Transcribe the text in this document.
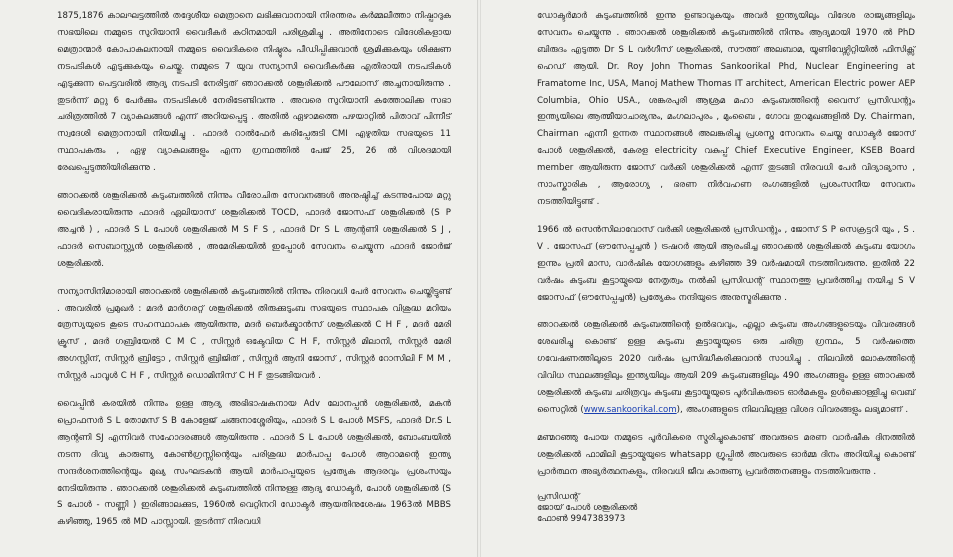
1875,1876 കാലഘട്ടത്തിൽ തദ്ദേശീയ മെത്രാനെ ലഭിക്കുവാനായി നിരന്തരം കർമ്മലീത്താ നിഷ്പാദുക സഭയിലെ നമ്മുടെ സുറിയാനി വൈദീകർ കഠിനമായി പരിശ്രമിച്ചു . അതിനോടെ വിദേശികളായ മെത്രാന്മാർ കോപാകുലനായി നമ്മുടെ വൈദികരെ നിഷ്ഠൂരം പീഡിപ്പിക്കുവാൻ ശ്രമിക്കുകയും ശിക്ഷണ നടപടികൾ എടുക്കുകയും ചെയ്തു. നമ്മുടെ 7 യുവ സന്യാസി വൈദീകർക്കു എതിരായി നടപടികൾ എടുക്കുന്ന പെട്ടവരിൽ ആദ്യ നടപടി നേരിട്ടത് ഞാറക്കൽ ശങ്കൂരിക്കൽ പൗലോസ് അച്ചനായിരുന്നു . തുടർന്ന് മറ്റു 6 പേർക്കും നടപടികൾ നേരിടേണ്ടിവന്നു . അവരെ സുറിയാനി കത്തോലിക്ക സഭാ ചരിത്രത്തിൽ 7 വ്യാകുലങ്ങൾ എന്ന് അറിയപ്പെട്ടു . അതിൽ ഏഴാമത്തെ പഴയാറ്റിൽ പിതാവ് പിന്നീട് സ്വദേശി മെത്രാനായി നിയമിച്ചു . ഫാദർ റാൽഫേർ കരിപ്പേരുടി CMI എഴുതിയ സഭയുടെ 11 സ്ഥാപകരും , ഏഴു വ്യാകുലങ്ങളും എന്ന ഗ്രന്ഥത്തിൽ പേജ് 25, 26 ൽ വിശദമായി രേഖപ്പെടുത്തിയിരിക്കുന്നു .

ഞാറക്കൽ ശങ്കൂരിക്കൽ കുടുംബത്തിൽ നിന്നും വീരോചിത സേവനങ്ങൾ അനുഷ്ഠിച്ച് കടന്നുപോയ മറ്റു വൈദികരായിരുന്നു ഫാദർ ഏലിയാസ് ശങ്കൂരിക്കൽ TOCD, ഫാദർ ജോസഫ് ശങ്കൂരിക്കൽ (S P അച്ചൻ ) , ഫാദർ S L പോൾ ശങ്കൂരിക്കൽ M S F S , ഫാദർ Dr S L ആന്റണി ശങ്കൂരിക്കൽ S J , ഫാദർ സെബാസ്റ്റ്യൻ ശങ്കൂരിക്കൽ , അമേരിക്കയിൽ ഇപ്പോൾ സേവനം ചെയ്യുന്ന ഫാദർ ജോർജ് ശങ്കൂരിക്കൽ.

സന്യാസിനിമാരായി ഞാറക്കൽ ശങ്കൂരിക്കൽ കുടുംബത്തിൽ നിന്നും നിരവധി പേർ സേവനം ചെയ്തിട്ടുണ്ട് . അവരിൽ പ്രമുഖർ : മദർ മാർഗരറ്റ് ശങ്കൂരിക്കൽ തിരുക്കുടുംബ സഭയുടെ സ്ഥാപക വിശുദ്ധ മറിയം ത്രേസ്യയുടെ കൂടെ സഹസ്ഥാപക ആയിരുന്നു, മദർ ബെർക്ക്മാൻസ് ശങ്കൂരിക്കൽ C H F , മദർ മേരി ക്രൂസ് , മദർ ഗബ്രിയേൽ C M C , സിസ്റ്റർ ഒക്ടേവിയ C H F, സിസ്റ്റർ മിലാനി, സിസ്റ്റർ മേരി അഗസ്റ്റിന്, സിസ്റ്റർ ബ്രിട്ടോ , സിസ്റ്റർ ബ്രിജിത് , സിസ്റ്റർ ആനി ജോസ് , സിസ്റ്റർ റോസിലി F M M , സിസ്റ്റർ പാവൂൾ C H F , സിസ്റ്റർ ഡൊമിനിസ് C H F തുടങ്ങിയവർ .

വൈപ്പിൻ കരയിൽ നിന്നും ഉള്ള ആദ്യ അഭിഭാഷകനായ Adv ലോനപ്പൻ ശങ്കൂരിക്കൽ, മകൻ പ്രൊഫസർ S L തോമസ് S B കോളേജ് ചങ്ങനാശ്ശേരിയും, ഫാദർ S L പോൾ MSFS, ഫാദർ Dr.S L ആന്റണി SJ എന്നിവർ സഹോദരങ്ങൾ ആയിരുന്നു . ഫാദർ S L പോൾ ശങ്കൂരിക്കൽ, ബോംബയിൽ നടന്ന ദിവ്യ കാരുണ്യ കോൺഗ്രസ്സിന്റെയും പരിശുദ്ധ മാർപാപ്പ പോൾ ആറാമന്റെ ഇന്ത്യ സന്ദർശനത്തിന്റെയും മുഖ്യ സംഘടകൻ ആയി മാർപാപ്പയുടെ പ്രത്യേക ആദരവും പ്രശംസയും നേടിയിരുന്നു . ഞാറക്കൽ ശങ്കൂരിക്കൽ കുടുംബത്തിൽ നിന്നുള്ള ആദ്യ ഡോക്ടർ, പോൾ ശങ്കൂരിക്കൽ (S S പോൾ - സണ്ണി ) ഇരിങ്ങാലക്കുട, 1960ൽ വെറ്റിനറി ഡോക്ടർ ആയതിനുശേഷം 1963ൽ MBBS കഴിഞ്ഞു, 1965 ൽ MD പാസ്സായി. തുടർന്ന് നിരവധി

ഡോക്ടർമാർ കുടുംബത്തിൽ ഇന്നു ഉണ്ടാവുകയും അവർ ഇന്ത്യയിലും വിദേശ രാജ്യങ്ങളിലും സേവനം ചെയ്യുന്നു . ഞാറക്കൽ ശങ്കൂരിക്കൽ കുടുംബത്തിൽ നിന്നും ആദ്യമായി 1970 ൽ PhD ബിരുദം എടുത്ത Dr S L വർഗീസ് ശങ്കൂരിക്കൽ, സൗത്ത് അലബാമ, യൂണിവേഴ്സിറ്റിയിൽ ഫിസിക്സ് ഹെഡ് ആയി. Dr. Roy John Thomas Sankoorikal Phd, Nuclear Engineering at Framatome Inc, USA, Manoj Mathew Thomas IT architect, American Electric power AEP Columbia, Ohio USA., ശങ്കരപുരി ആശ്രമ മഹാ കുടുംബത്തിന്റെ വൈസ് പ്രസിഡന്റും ഇന്ത്യയിലെ ആത്മീയാചാര്യനും, മംഗലാപുരം , മുംബൈ , ഗോവ തുറമുഖങ്ങളിൽ Dy. Chairman, Chairman എന്നീ ഉന്നത സ്ഥാനങ്ങൾ അലങ്കരിച്ചു പ്രശസ്ത സേവനം ചെയ്ത ഡോക്ടർ ജോസ് പോൾ ശങ്കൂരിക്കൽ, കേരള electricity വകുപ്പ് Chief Executive Engineer, KSEB Board member ആയിരുന്ന ജോസ് വർക്കി ശങ്കൂരിക്കൽ എന്ന് തുടങ്ങി നിരവധി പേർ വിദ്യാഭ്യാസ , സാംസ്കാരിക , ആരോഗ്യ , ഭരണ നിർവഹണ രംഗങ്ങളിൽ പ്രശംസനീയ സേവനം നടത്തിയിട്ടുണ്ട് .

1966 ൽ സെൻസിലാവോസ് വർക്കി ശങ്കൂരിക്കൽ പ്രസിഡന്റും , ജോസ് S P സെക്രട്ടറി യും , S . V . ജോസഫ് (ഔസേപ്പച്ചൻ ) ട്രഷറർ ആയി ആരംഭിച്ച ഞാറക്കൽ ശങ്കൂരിക്കൽ കുടുംബ യോഗം ഇന്നും പ്രതി മാസ, വാർഷിക യോഗങ്ങളും കഴിഞ്ഞ 39 വർഷമായി നടത്തിവരുന്നു. ഇതിൽ 22 വർഷം കുടുംബ കൂട്ടായ്മയെ നേതൃത്വം നൽകി പ്രസിഡന്റ് സ്ഥാനത്തു പ്രവർത്തിച്ച നയിച്ച S V ജോസഫ് (ഔസേപ്പച്ചൻ) പ്രത്യേകം നന്ദിയുടെ അനുസ്മരിക്കുന്നു .

ഞാറക്കൽ ശങ്കൂരിക്കൽ കുടുംബത്തിന്റെ ഉൽഭവവും, എല്ലാ കുടുംബ അംഗങ്ങളുടെയും വിവരങ്ങൾ ശേഖരിച്ചു കൊണ്ട് ഉള്ള കുടുംബ കൂട്ടായ്മയുടെ ഒരു ചരിത്ര ഗ്രന്ഥം, 5 വർഷത്തെ ഗവേഷണത്തിലൂടെ 2020 വർഷം പ്രസിദ്ധീകരിക്കുവാൻ സാധിച്ചു . നിലവിൽ ലോകത്തിന്റെ വിവിധ സ്ഥലങ്ങളിലും ഇന്ത്യയിലും ആയി 209 കുടുംബങ്ങളിലും 490 അംഗങ്ങളും ഉള്ള ഞാറക്കൽ ശങ്കൂരിക്കൽ കുടുംബ ചരിത്രവും കുടുംബ കൂട്ടായ്മയുടെ പൂർവികരുടെ ഓർമകളും ഉൾക്കൊള്ളിച്ചു വെബ് സൈറ്റിൽ (www.sankoorikal.com), അംഗങ്ങളുടെ നിലവിലുള്ള വിശദ വിവരങ്ങളും ലഭ്യമാണ് .

മണ്മറഞ്ഞു പോയ നമ്മുടെ പൂർവികരെ സ്മരിച്ചുകൊണ്ട് അവരുടെ മരണ വാർഷീക ദിനത്തിൽ ശങ്കൂരിക്കൽ ഫാമിലി കൂട്ടായ്മയുടെ whatsapp ഗ്രൂപ്പിൽ അവരുടെ ഓർമ്മ ദിനം അറിയിച്ചു കൊണ്ട് പ്രാർത്ഥന അഭ്യർത്ഥനകളും, നിരവധി ജീവ കാരുണ്യ പ്രവർത്തനങ്ങളും നടത്തിവരുന്നു .

പ്രസിഡന്റ്
ജോയ് പോൾ ശങ്കൂരിക്കൽ
ഫോൺ 9947383973
